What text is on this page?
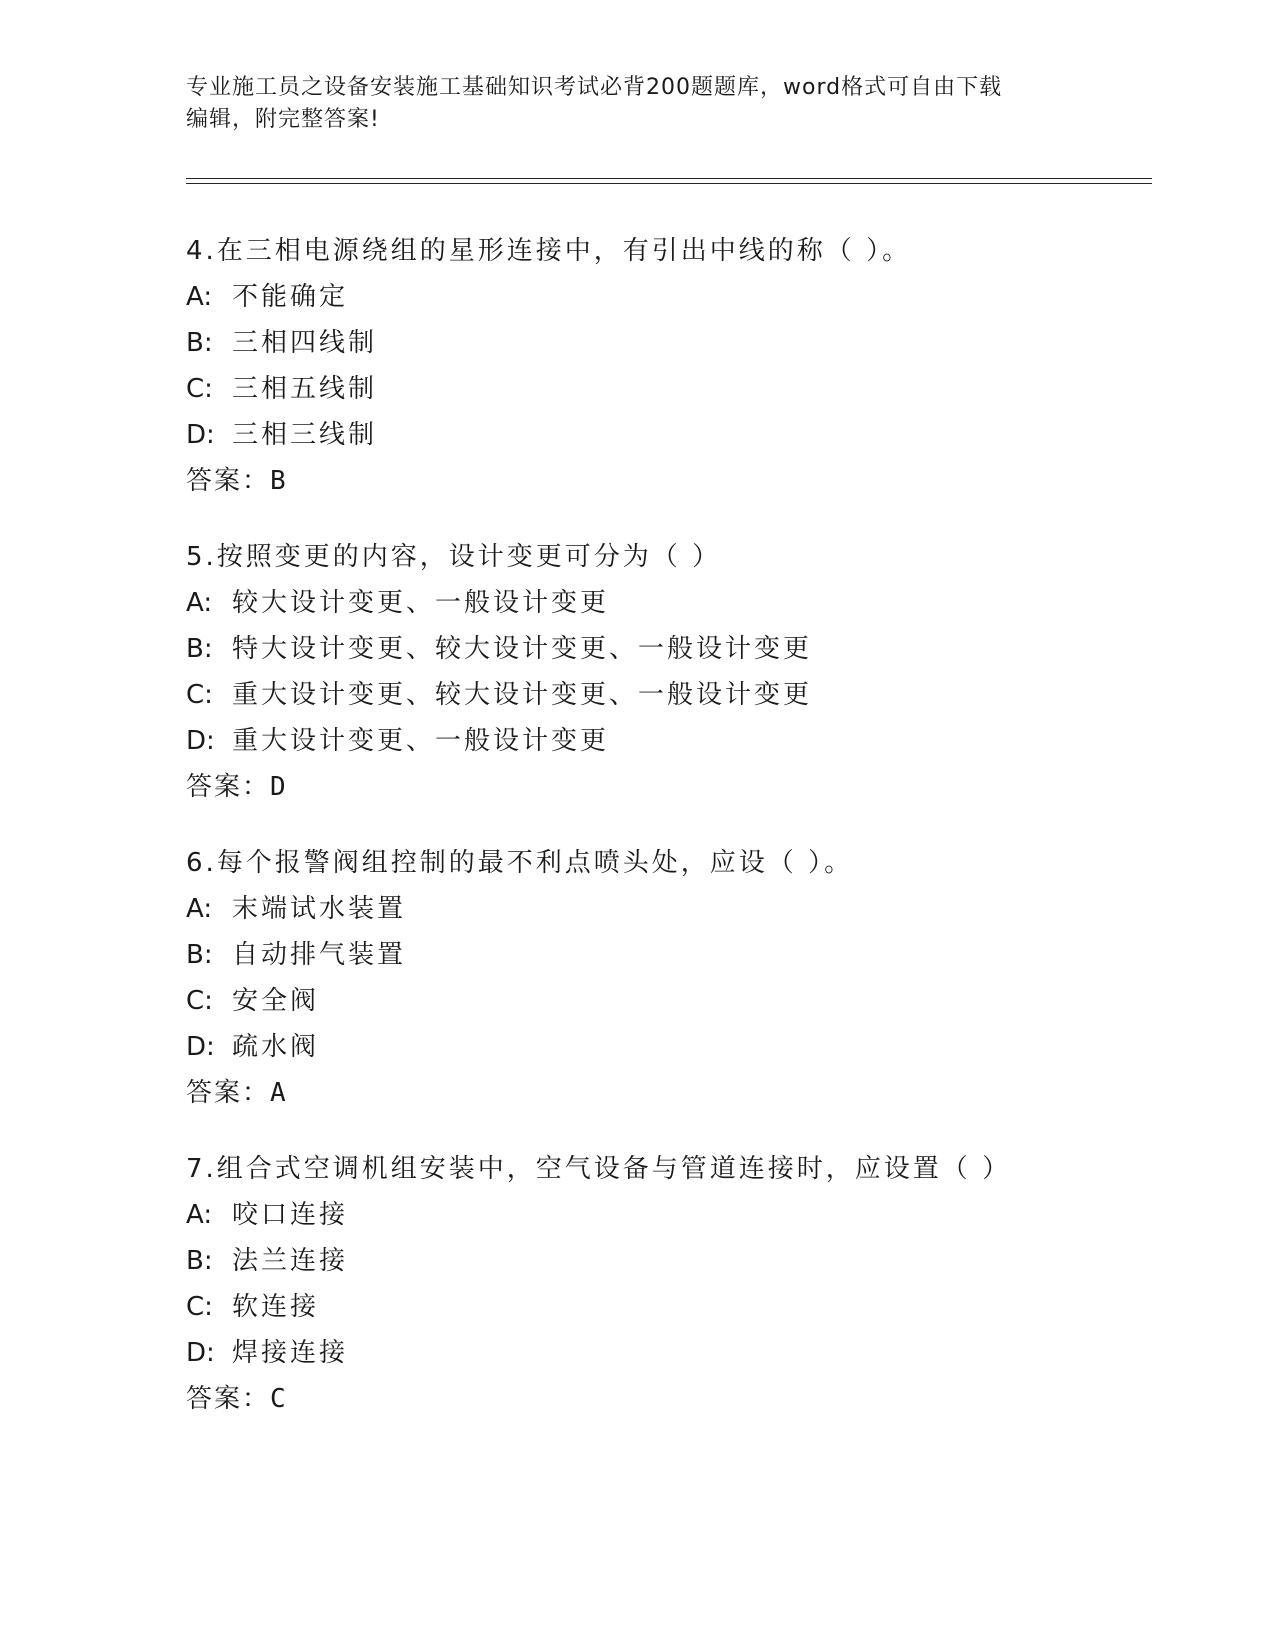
专业施工员之设备安装施工基础知识考试必背200题题库，word格式可自由下载
编辑，附完整答案!
4.在三相电源绕组的星形连接中，有引出中线的称（ ）。
A: 不能确定
B: 三相四线制
C: 三相五线制
D: 三相三线制
答案：B
5.按照变更的内容，设计变更可分为（ ）
A: 较大设计变更、一般设计变更
B: 特大设计变更、较大设计变更、一般设计变更
C: 重大设计变更、较大设计变更、一般设计变更
D: 重大设计变更、一般设计变更
答案：D
6.每个报警阀组控制的最不利点喷头处，应设（ ）。
A: 末端试水装置
B: 自动排气装置
C: 安全阀
D: 疏水阀
答案：A
7.组合式空调机组安装中，空气设备与管道连接时，应设置（ ）
A: 咬口连接
B: 法兰连接
C: 软连接
D: 焊接连接
答案：C
